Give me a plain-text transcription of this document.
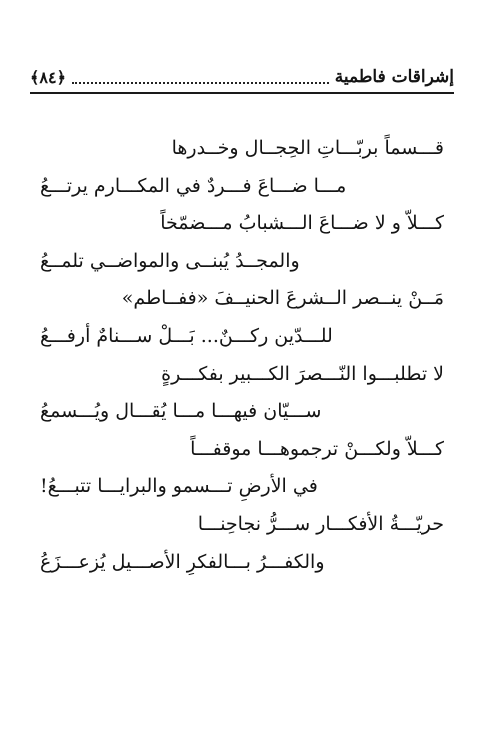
إشراقات فاطمية
﴿٨٤﴾
قـــسماً بربّـــاتِ الحِجــال وخــدرها
مـــا ضـــاعَ فـــردٌ في المكـــارم يرتـــعُ
كـــلاّ و لا ضـــاعَ الـــشبابُ مـــضمّخاً
والمجــدُ يُبنــى والمواضــي تلمــعُ
مَــنْ ينــصر الــشرعَ الحنيــفَ «ففــاطم»
للـــدّين ركـــنٌ... بَـــلْ ســـنامٌ أرفـــعُ
لا تطلبـــوا النّـــصرَ الكـــبير بفكـــرةٍ
ســـيّان فيهـــا مـــا يُقـــال ويُـــسمعُ
كـــلاّ ولكـــنْ ترجموهـــا موقفـــاً
في الأرضِ تـــسمو والبرايـــا تتبـــعُ!
حريّـــةُ الأفكـــار ســـرُّ نجاحِنـــا
والكفـــرُ بـــالفكرِ الأصـــيل يُزعـــزَعُ
